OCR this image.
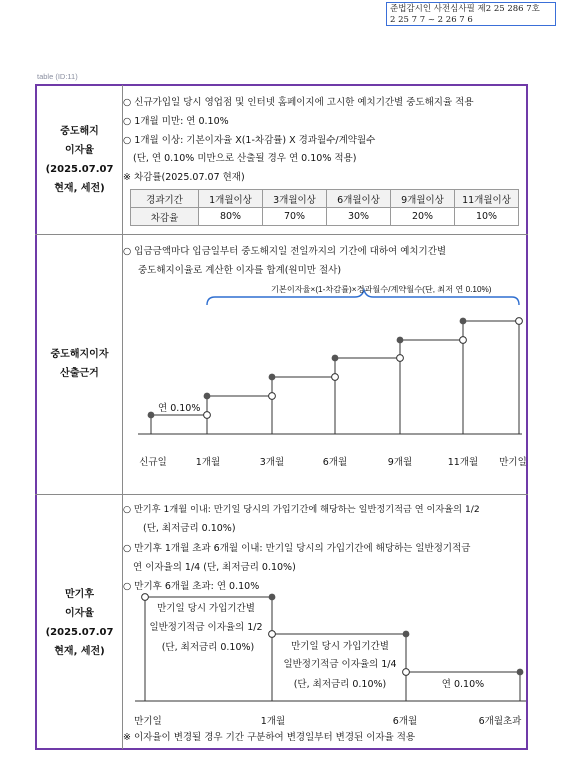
준법감시인 사전심사필 제2 25 286 7호
2 25 7 7 ~ 2 26 7 6
table (ID:11)
중도해지
이자율
(2025.07.07
현재, 세전)
○ 신규가입일 당시 영업점 및 인터넷 홈페이지에 고시한 예치기간별 중도해지율 적용
○ 1개월 미만: 연 0.10%
○ 1개월 이상: 기본이자율 X(1-차감률) X 경과월수/계약월수
(단, 연 0.10% 미만으로 산출될 경우 연 0.10% 적용)
※ 차감률(2025.07.07 현재)
경과기간	1개월이상	3개월이상	6개월이상	9개월이상	11개월이상
차감율	80%	70%	30%	20%	10%
중도해지이자
산출근거
○ 입금금액마다 입금일부터 중도해지일 전일까지의 기간에 대하여 예치기간별
중도해지이율로 계산한 이자를 합계(원미만 절사)
기본이자율×(1-차감률)×경과월수/계약월수(단, 최저 연 0.10%)
연 0.10%
신규일	1개월	3개월	6개월	9개월	11개월 만기일
만기일 당시 가입기간별
일반정기적금 이자율의 1/2
(단, 최저금리 0.10%)	만기일 당시 가입기간별
일반정기적금 이자율의 1/4
(단, 최저금리 0.10%)	연 0.10%
만기일	1개월	6개월	6개월초과
만기후
이자율
(2025.07.07
현재, 세전)
○ 만기후 1개월 이내: 만기일 당시의 가입기간에 해당하는 일반정기적금 연 이자율의 1/2
(단, 최저금리 0.10%)
○ 만기후 1개월 초과 6개월 이내: 만기일 당시의 가입기간에 해당하는 일반정기적금
연 이자율의 1/4 (단, 최저금리 0.10%)
○ 만기후 6개월 초과: 연 0.10%
※ 이자율이 변경될 경우 기간 구분하여 변경일부터 변경된 이자율 적용
